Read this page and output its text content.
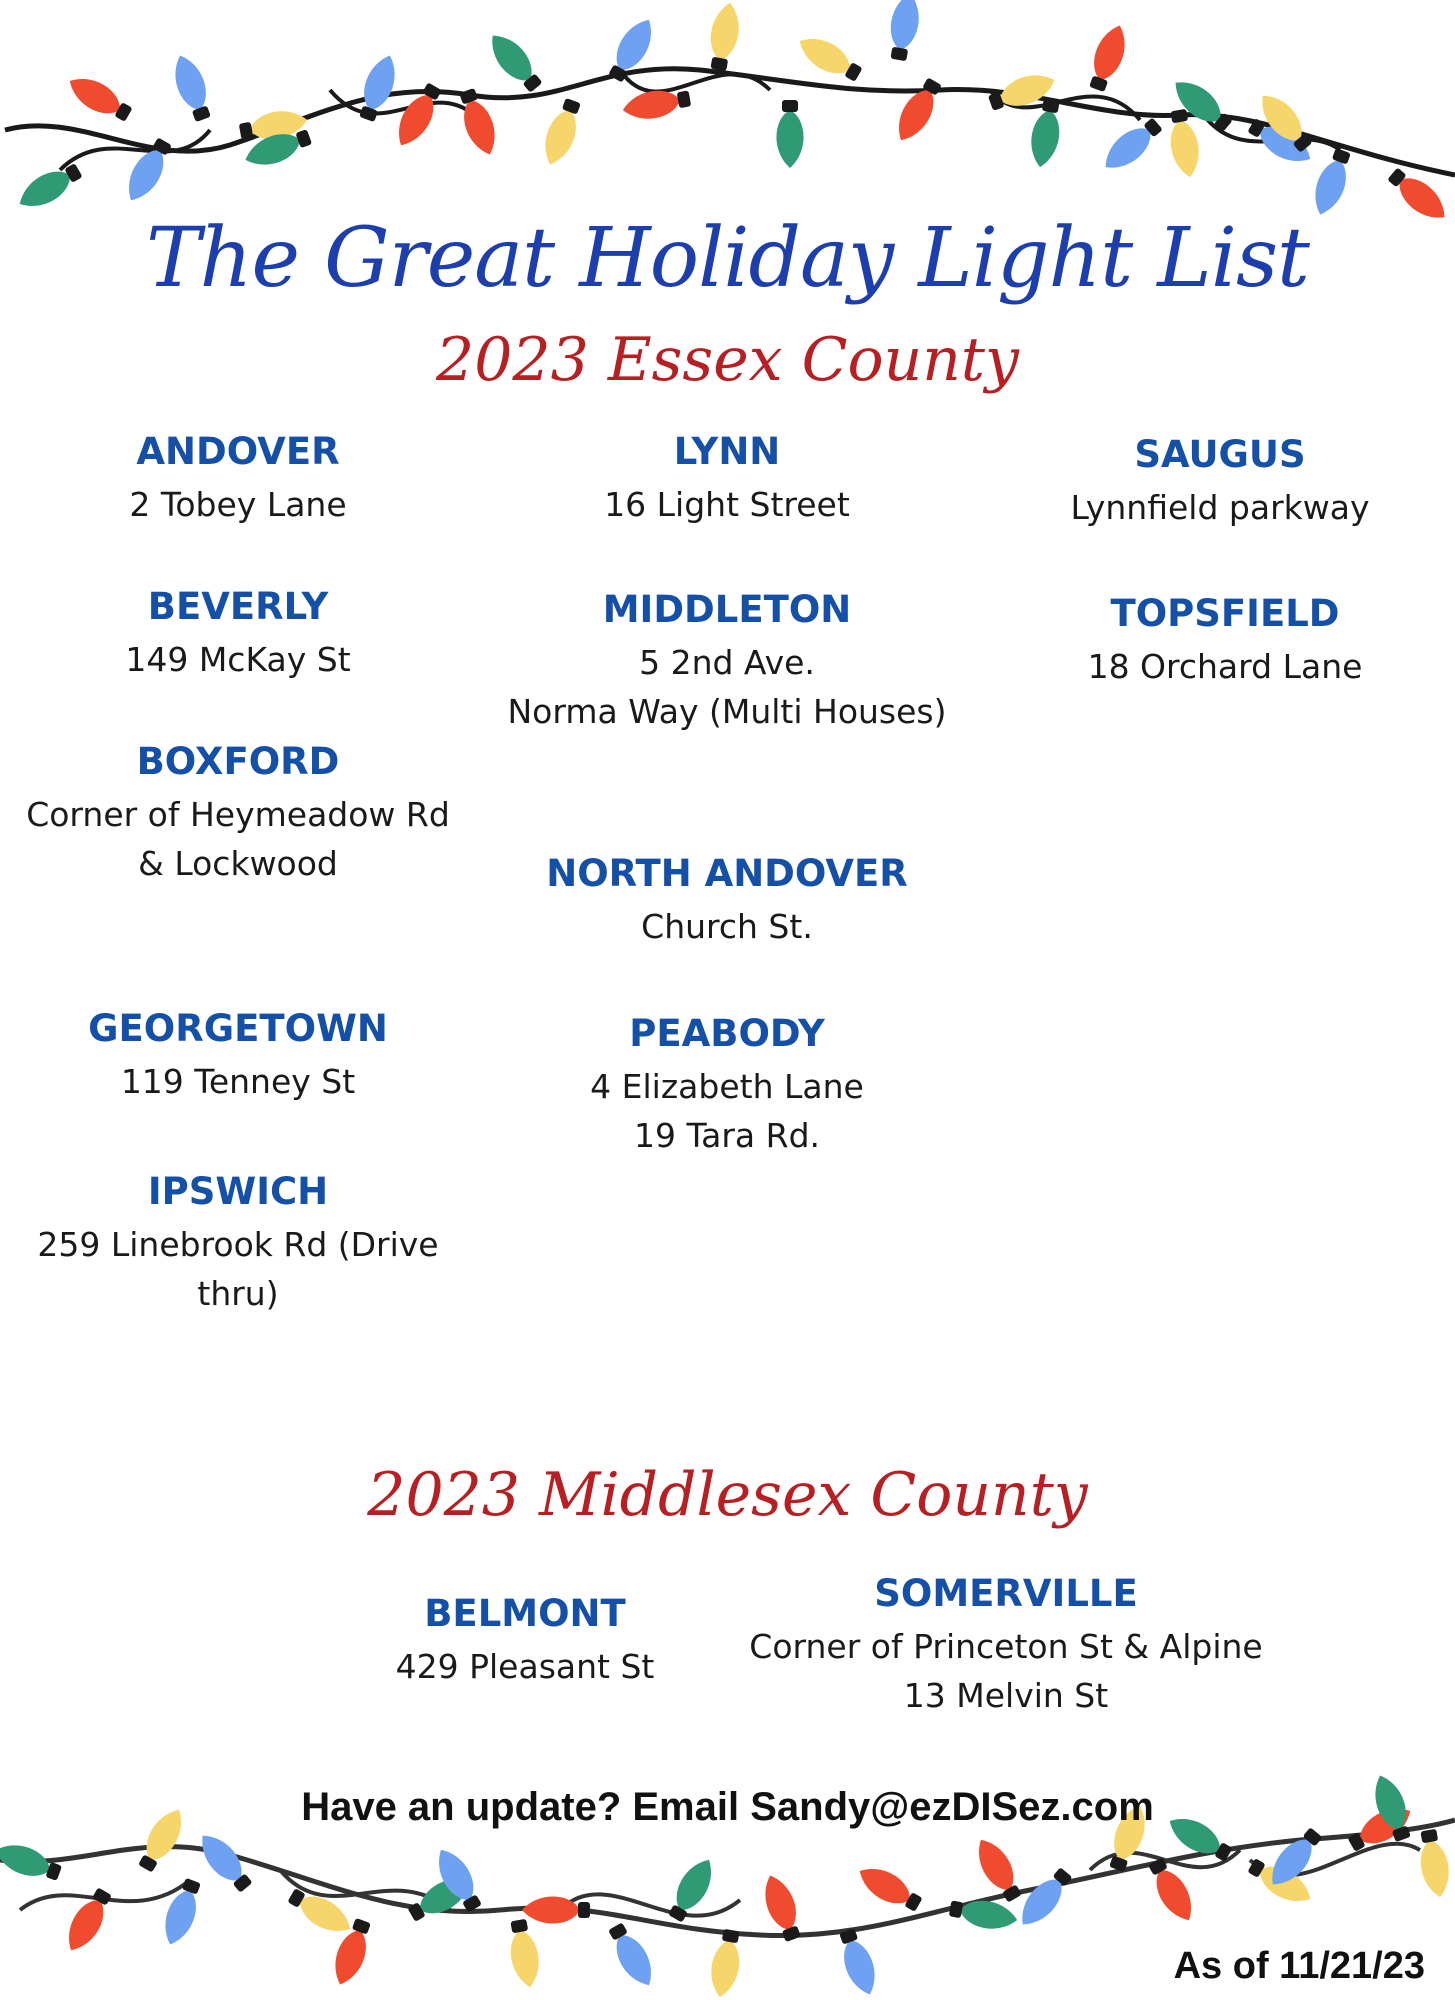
The Great Holiday Light List
2023 Essex County
ANDOVER
2 Tobey Lane
BEVERLY
149 McKay St
BOXFORD
Corner of Heymeadow Rd
& Lockwood
GEORGETOWN
119 Tenney St
IPSWICH
259 Linebrook Rd (Drive thru)
LYNN
16 Light Street
MIDDLETON
5 2nd Ave.
Norma Way (Multi Houses)
NORTH ANDOVER
Church St.
PEABODY
4 Elizabeth Lane
19 Tara Rd.
SAUGUS
Lynnfield parkway
TOPSFIELD
18 Orchard Lane
2023 Middlesex County
BELMONT
429 Pleasant St
SOMERVILLE
Corner of Princeton St & Alpine
13 Melvin St
Have an update? Email Sandy@ezDISez.com
As of 11/21/23
